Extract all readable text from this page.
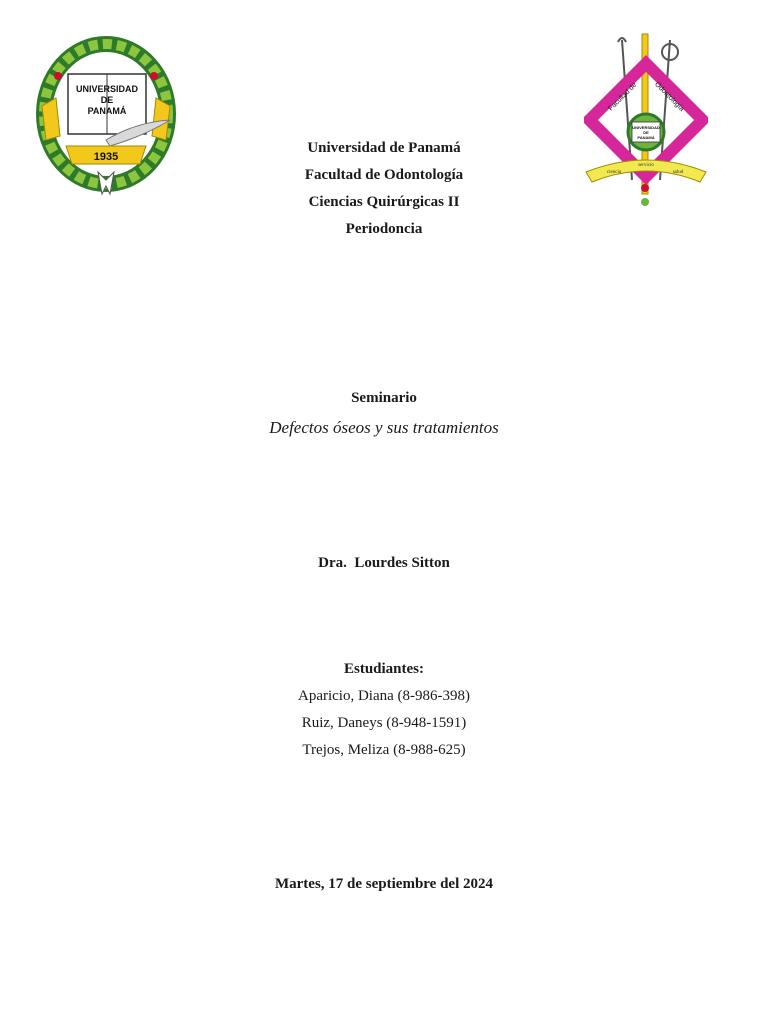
UNIVERSIDAD
DE
PANAMÁ
1935
Facultad de Odontología
UNIVERSIDAD
DE
PANAMÁ
ciencia
servicio
salud
Universidad de Panamá
Facultad de Odontología
Ciencias Quirúrgicas II
Periodoncia
Seminario
Defectos óseos y sus tratamientos
Dra.  Lourdes Sitton
Estudiantes:
Aparicio, Diana (8-986-398)
Ruiz, Daneys (8-948-1591)
Trejos, Meliza (8-988-625)
Martes, 17 de septiembre del 2024
